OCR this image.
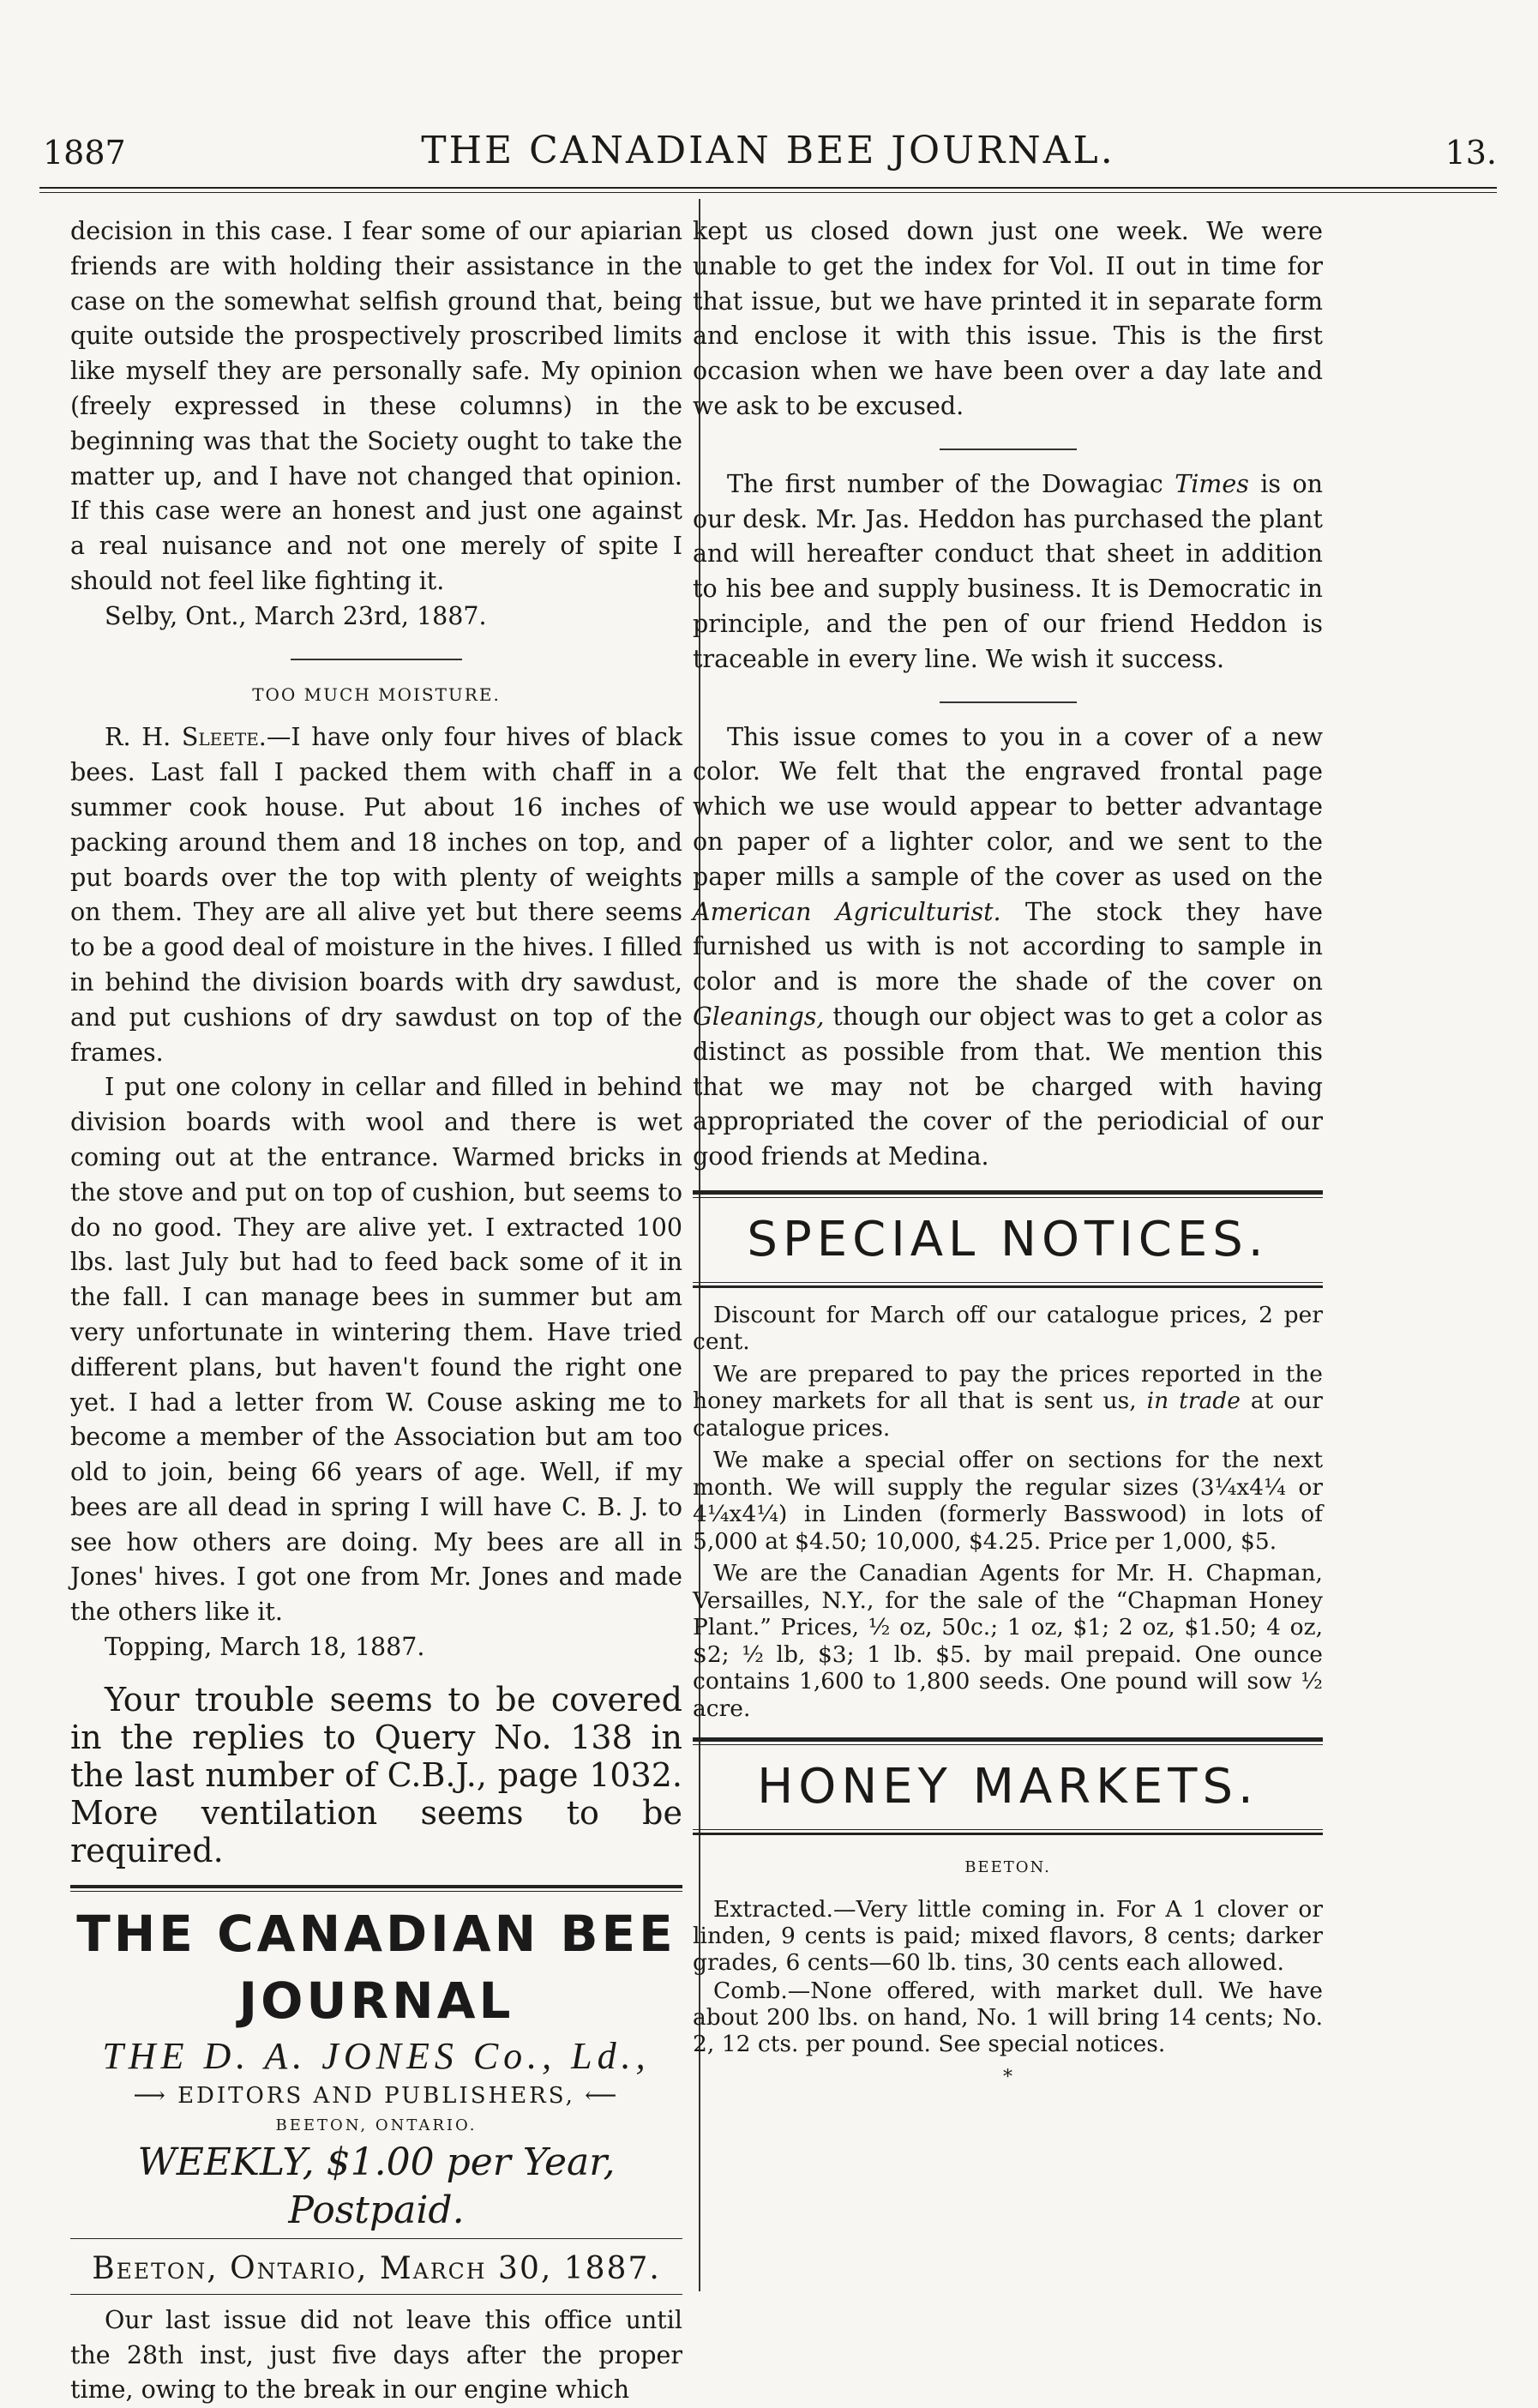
1887	THE CANADIAN BEE JOURNAL.	13.

decision in this case. I fear some of our apiarian friends are with holding their assistance in the case on the somewhat selfish ground that, being quite outside the prospectively proscribed limits like myself they are personally safe. My opinion (freely expressed in these columns) in the beginning was that the Society ought to take the matter up, and I have not changed that opinion. If this case were an honest and just one against a real nuisance and not one merely of spite I should not feel like fighting it.

Selby, Ont., March 23rd, 1887.

TOO MUCH MOISTURE.

R. H. Sleete.—I have only four hives of black bees. Last fall I packed them with chaff in a summer cook house. Put about 16 inches of packing around them and 18 inches on top, and put boards over the top with plenty of weights on them. They are all alive yet but there seems to be a good deal of moisture in the hives. I filled in behind the division boards with dry sawdust, and put cushions of dry sawdust on top of the frames.

I put one colony in cellar and filled in behind division boards with wool and there is wet coming out at the entrance. Warmed bricks in the stove and put on top of cushion, but seems to do no good. They are alive yet. I extracted 100 lbs. last July but had to feed back some of it in the fall. I can manage bees in summer but am very unfortunate in wintering them. Have tried different plans, but haven't found the right one yet. I had a letter from W. Couse asking me to become a member of the Association but am too old to join, being 66 years of age. Well, if my bees are all dead in spring I will have C. B. J. to see how others are doing. My bees are all in Jones' hives. I got one from Mr. Jones and made the others like it.

Topping, March 18, 1887.

Your trouble seems to be covered in the replies to Query No. 138 in the last number of C.B.J., page 1032. More ventilation seems to be required.

THE CANADIAN BEE JOURNAL
THE D. A. JONES Co., Ld.,
⟶ EDITORS AND PUBLISHERS, ⟵
BEETON, ONTARIO.
WEEKLY, $1.00 per Year, Postpaid.
Beeton, Ontario, March 30, 1887.

Our last issue did not leave this office until the 28th inst, just five days after the proper time, owing to the break in our engine which

kept us closed down just one week. We were unable to get the index for Vol. II out in time for that issue, but we have printed it in separate form and enclose it with this issue. This is the first occasion when we have been over a day late and we ask to be excused.

The first number of the Dowagiac Times is on our desk. Mr. Jas. Heddon has purchased the plant and will hereafter conduct that sheet in addition to his bee and supply business. It is Democratic in principle, and the pen of our friend Heddon is traceable in every line. We wish it success.

This issue comes to you in a cover of a new color. We felt that the engraved frontal page which we use would appear to better advantage on paper of a lighter color, and we sent to the paper mills a sample of the cover as used on the American Agriculturist. The stock they have furnished us with is not according to sample in color and is more the shade of the cover on Gleanings, though our object was to get a color as distinct as possible from that. We mention this that we may not be charged with having appropriated the cover of the periodicial of our good friends at Medina.

SPECIAL NOTICES.

Discount for March off our catalogue prices, 2 per cent.

We are prepared to pay the prices reported in the honey markets for all that is sent us, in trade at our catalogue prices.

We make a special offer on sections for the next month. We will supply the regular sizes (3¼x4¼ or 4¼x4¼) in Linden (formerly Basswood) in lots of 5,000 at $4.50; 10,000, $4.25. Price per 1,000, $5.

We are the Canadian Agents for Mr. H. Chapman, Versailles, N.Y., for the sale of the “Chapman Honey Plant.” Prices, ½ oz, 50c.; 1 oz, $1; 2 oz, $1.50; 4 oz, $2; ½ lb, $3; 1 lb. $5. by mail prepaid. One ounce contains 1,600 to 1,800 seeds. One pound will sow ½ acre.

HONEY MARKETS.
BEETON.

Extracted.—Very little coming in. For A 1 clover or linden, 9 cents is paid; mixed flavors, 8 cents; darker grades, 6 cents—60 lb. tins, 30 cents each allowed.

Comb.—None offered, with market dull. We have about 200 lbs. on hand, No. 1 will bring 14 cents; No. 2, 12 cts. per pound. See special notices.

*
